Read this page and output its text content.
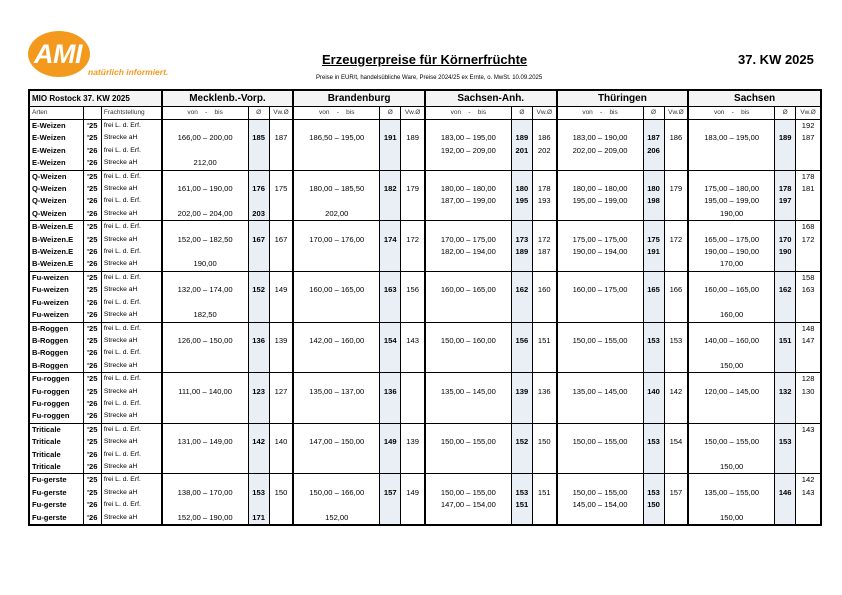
AMI
natürlich informiert.
Erzeugerpreise für Körnerfrüchte	37. KW 2025
Preise in EUR/t, handelsübliche Ware, Preise 2024/25 ex Ernte, o. MwSt. 10.09.2025
MIO Rostock 37. KW 2025			Mecklenb.-Vorp.			Brandenburg			Sachsen-Anh.			Thüringen			Sachsen		
Arten		Frachtstellung	von - bis	Ø	Vw.Ø	von - bis	Ø	Vw.Ø	von - bis	Ø	Vw.Ø	von - bis	Ø	Vw.Ø	von - bis	Ø	Vw.Ø
E-Weizen	'25	frei L. d. Erf.															192
E-Weizen	'25	Strecke aH	166,00 – 200,00	185	187	186,50 – 195,00	191	189	183,00 – 195,00	189	186	183,00 – 190,00	187	186	183,00 – 195,00	189	187
E-Weizen	'26	frei L. d. Erf.							192,00 – 209,00	201	202	202,00 – 209,00	206				
E-Weizen	'26	Strecke aH	212,00														
Q-Weizen	'25	frei L. d. Erf.															178
Q-Weizen	'25	Strecke aH	161,00 – 190,00	176	175	180,00 – 185,50	182	179	180,00 – 180,00	180	178	180,00 – 180,00	180	179	175,00 – 180,00	178	181
Q-Weizen	'26	frei L. d. Erf.							187,00 – 199,00	195	193	195,00 – 199,00	198		195,00 – 199,00	197	
Q-Weizen	'26	Strecke aH	202,00 – 204,00	203		202,00									190,00		
B-Weizen.E	'25	frei L. d. Erf.															168
B-Weizen.E	'25	Strecke aH	152,00 – 182,50	167	167	170,00 – 176,00	174	172	170,00 – 175,00	173	172	175,00 – 175,00	175	172	165,00 – 175,00	170	172
B-Weizen.E	'26	frei L. d. Erf.							182,00 – 194,00	189	187	190,00 – 194,00	191		190,00 – 190,00	190	
B-Weizen.E	'26	Strecke aH	190,00												170,00		
Fu-weizen	'25	frei L. d. Erf.															158
Fu-weizen	'25	Strecke aH	132,00 – 174,00	152	149	160,00 – 165,00	163	156	160,00 – 165,00	162	160	160,00 – 175,00	165	166	160,00 – 165,00	162	163
Fu-weizen	'26	frei L. d. Erf.															
Fu-weizen	'26	Strecke aH	182,50												160,00		
B-Roggen	'25	frei L. d. Erf.															148
B-Roggen	'25	Strecke aH	126,00 – 150,00	136	139	142,00 – 160,00	154	143	150,00 – 160,00	156	151	150,00 – 155,00	153	153	140,00 – 160,00	151	147
B-Roggen	'26	frei L. d. Erf.															
B-Roggen	'26	Strecke aH													150,00		
Fu-roggen	'25	frei L. d. Erf.															128
Fu-roggen	'25	Strecke aH	111,00 – 140,00	123	127	135,00 – 137,00	136		135,00 – 145,00	139	136	135,00 – 145,00	140	142	120,00 – 145,00	132	130
Fu-roggen	'26	frei L. d. Erf.															
Fu-roggen	'26	Strecke aH															
Triticale	'25	frei L. d. Erf.															143
Triticale	'25	Strecke aH	131,00 – 149,00	142	140	147,00 – 150,00	149	139	150,00 – 155,00	152	150	150,00 – 155,00	153	154	150,00 – 155,00	153	
Triticale	'26	frei L. d. Erf.															
Triticale	'26	Strecke aH													150,00		
Fu-gerste	'25	frei L. d. Erf.															142
Fu-gerste	'25	Strecke aH	138,00 – 170,00	153	150	150,00 – 166,00	157	149	150,00 – 155,00	153	151	150,00 – 155,00	153	157	135,00 – 155,00	146	143
Fu-gerste	'26	frei L. d. Erf.							147,00 – 154,00	151		145,00 – 154,00	150				
Fu-gerste	'26	Strecke aH	152,00 – 190,00	171		152,00									150,00		
